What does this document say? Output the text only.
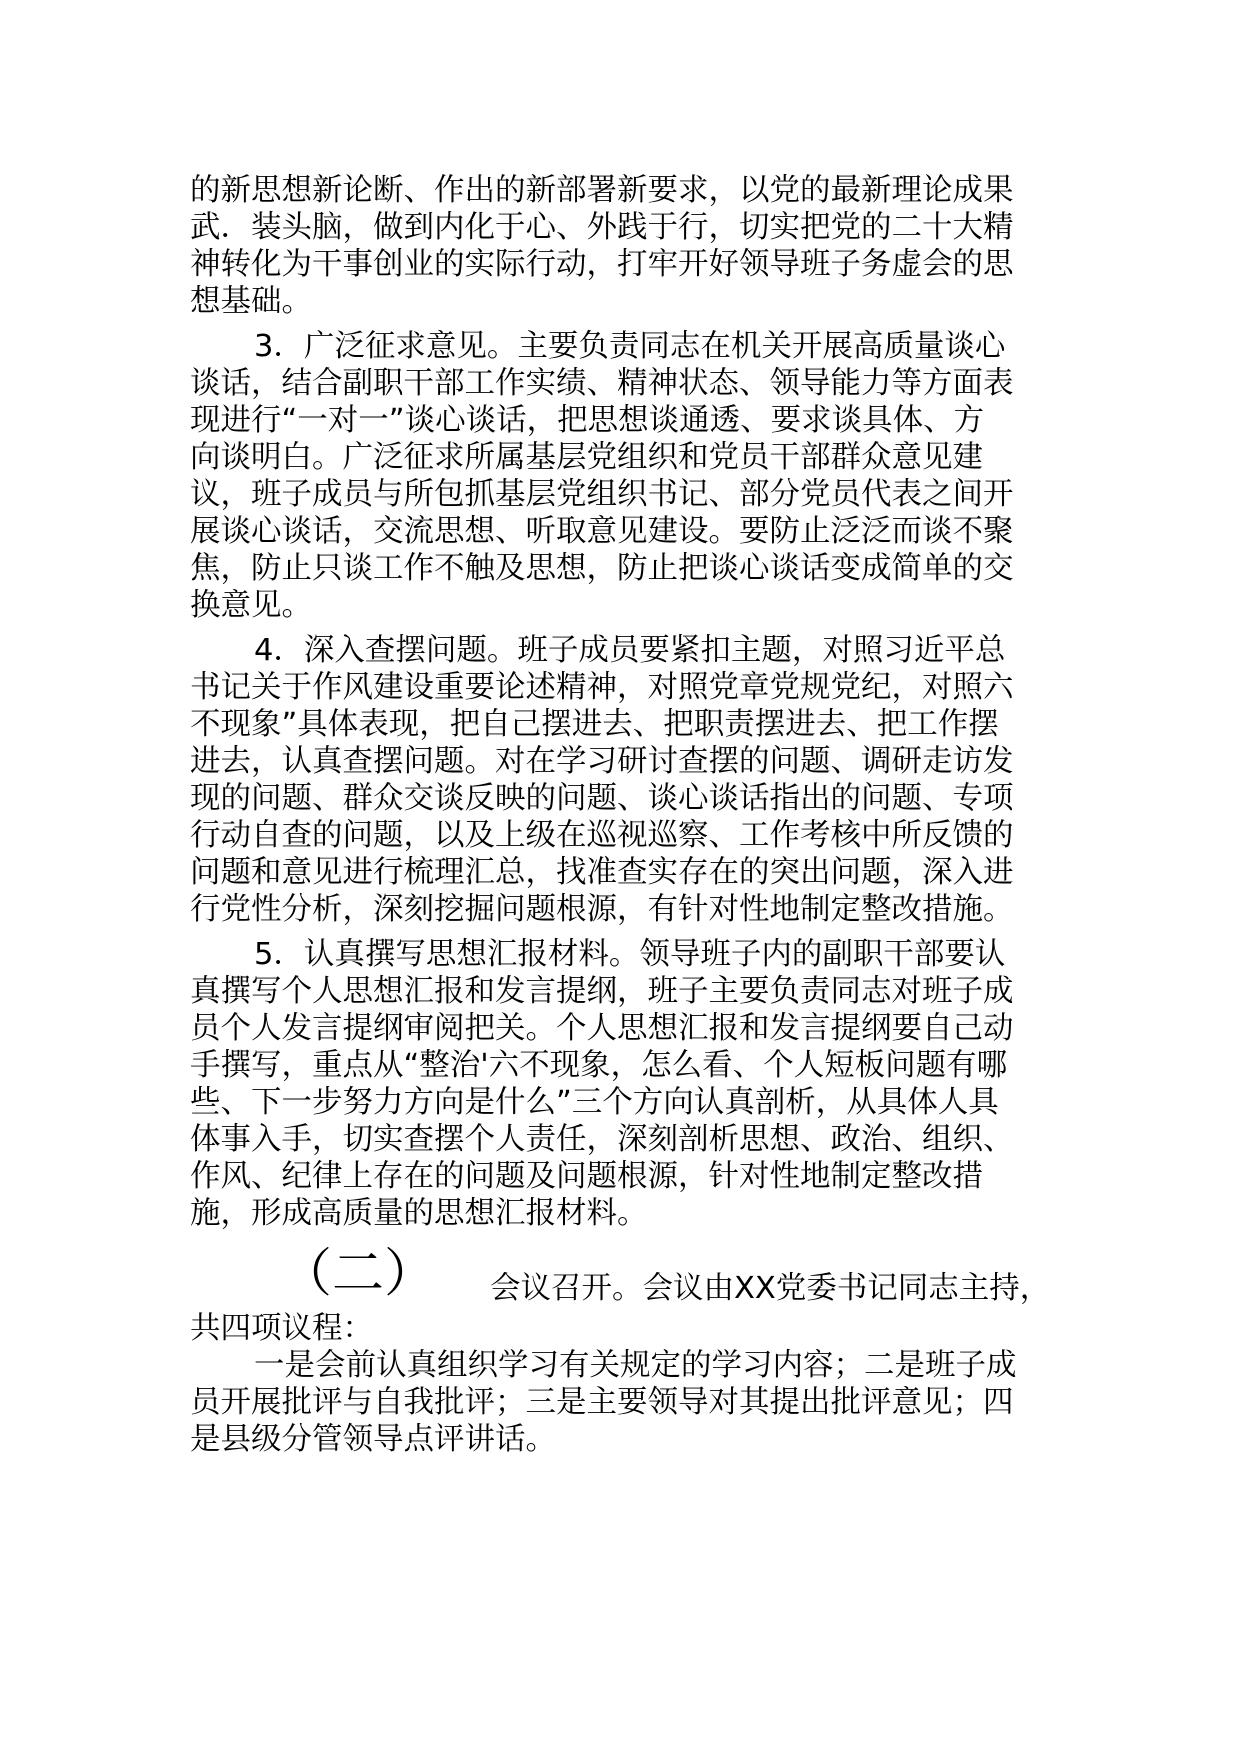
的新思想新论断、作出的新部署新要求，以党的最新理论成果
武．装头脑，做到内化于心、外践于行，切实把党的二十大精
神转化为干事创业的实际行动，打牢开好领导班子务虚会的思
想基础。

3．广泛征求意见。主要负责同志在机关开展高质量谈心
谈话，结合副职干部工作实绩、精神状态、领导能力等方面表
现进行“一对一”谈心谈话，把思想谈通透、要求谈具体、方
向谈明白。广泛征求所属基层党组织和党员干部群众意见建
议，班子成员与所包抓基层党组织书记、部分党员代表之间开
展谈心谈话，交流思想、听取意见建设。要防止泛泛而谈不聚
焦，防止只谈工作不触及思想，防止把谈心谈话变成简单的交
换意见。

4．深入查摆问题。班子成员要紧扣主题，对照习近平总
书记关于作风建设重要论述精神，对照党章党规党纪，对照六
不现象”具体表现，把自己摆进去、把职责摆进去、把工作摆
进去，认真查摆问题。对在学习研讨查摆的问题、调研走访发
现的问题、群众交谈反映的问题、谈心谈话指出的问题、专项
行动自查的问题，以及上级在巡视巡察、工作考核中所反馈的
问题和意见进行梳理汇总，找准查实存在的突出问题，深入进
行党性分析，深刻挖掘问题根源，有针对性地制定整改措施。

5．认真撰写思想汇报材料。领导班子内的副职干部要认
真撰写个人思想汇报和发言提纲，班子主要负责同志对班子成
员个人发言提纲审阅把关。个人思想汇报和发言提纲要自己动
手撰写，重点从“整治'六不现象，怎么看、个人短板问题有哪
些、下一步努力方向是什么”三个方向认真剖析，从具体人具
体事入手，切实查摆个人责任，深刻剖析思想、政治、组织、
作风、纪律上存在的问题及问题根源，针对性地制定整改措
施，形成高质量的思想汇报材料。

（二） 会议召开。会议由XX党委书记同志主持，

共四项议程：

一是会前认真组织学习有关规定的学习内容；二是班子成
员开展批评与自我批评；三是主要领导对其提出批评意见；四
是县级分管领导点评讲话。
